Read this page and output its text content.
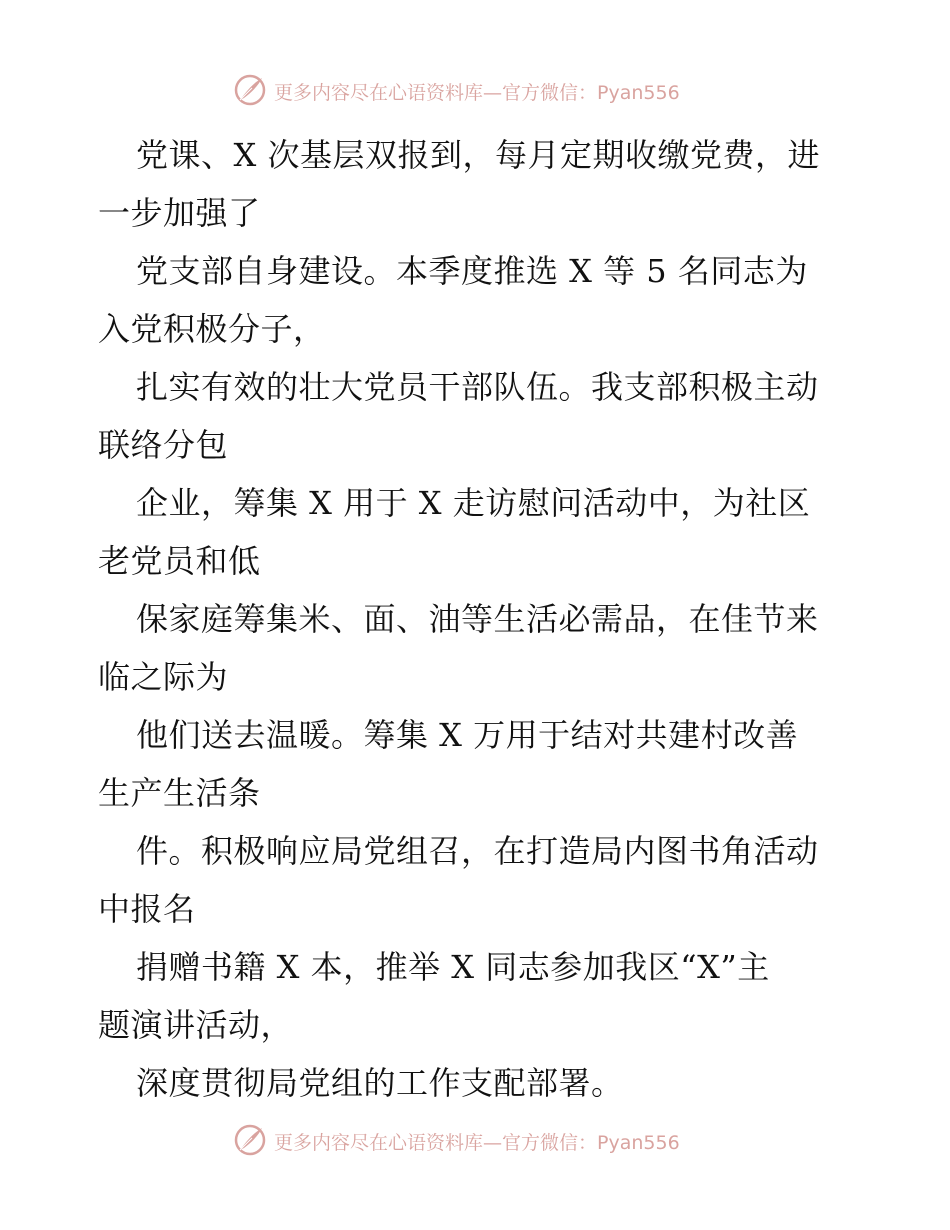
更多内容尽在心语资料库—官方微信：Pyan556

党课、X 次基层双报到，每月定期收缴党费，进
一步加强了

党支部自身建设。本季度推选 X 等 5 名同志为
入党积极分子，

扎实有效的壮大党员干部队伍。我支部积极主动
联络分包

企业，筹集 X 用于 X 走访慰问活动中，为社区
老党员和低

保家庭筹集米、面、油等生活必需品，在佳节来
临之际为

他们送去温暖。筹集 X 万用于结对共建村改善
生产生活条

件。积极响应局党组召，在打造局内图书角活动
中报名

捐赠书籍 X 本，推举 X 同志参加我区“X”主
题演讲活动，

深度贯彻局党组的工作支配部署。

更多内容尽在心语资料库—官方微信：Pyan556
